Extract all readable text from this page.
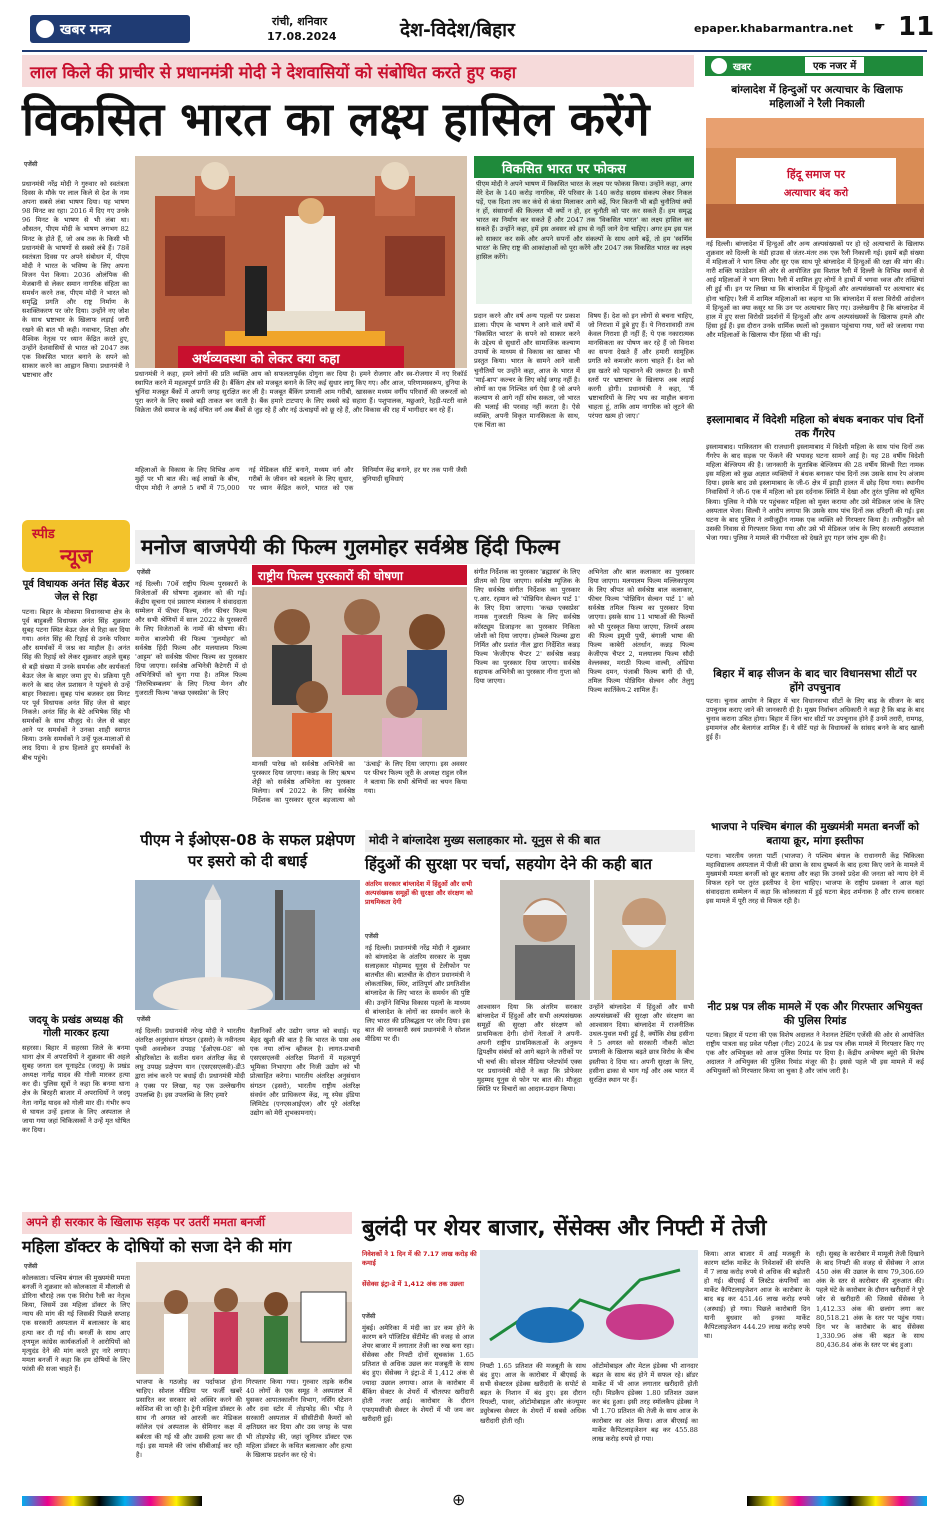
खबर मन्त्र
रांची, शनिवार
17.08.2024	देश-विदेश/बिहार	epaper.khabarmantra.net ☛ 11
लाल किले की प्राचीर से प्रधानमंत्री मोदी ने देशवासियों को संबोधित करते हुए कहा
विकसित भारत का लक्ष्य हासिल करेंगे
एजेंसी
प्रधानमंत्री नरेंद्र मोदी ने गुरुवार को स्वतंत्रता दिवस के मौके पर लाल किले से देश के नाम अपना सबसे लंबा भाषण दिया। यह भाषण 98 मिनट का रहा। 2016 में दिए गए उनके 96 मिनट के भाषण से भी लंबा था। औसतन, पीएम मोदी के भाषण लगभग 82 मिनट के होते हैं, जो अब तक के किसी भी प्रधानमंत्री के भाषणों से सबसे लंबे हैं। 78वें स्वतंत्रता दिवस पर अपने संबोधन में, पीएम मोदी ने भारत के भविष्य के लिए अपना विजन पेश किया। 2036 ओलंपिक की मेजबानी से लेकर समान नागरिक संहिता का समर्थन करने तक, पीएम मोदी ने भारत को समृद्धि प्रगति और राष्ट्र निर्माण के सशक्तिकरण पर जोर दिया। उन्होंने नए जोश के साथ भ्रष्टाचार के खिलाफ लड़ाई जारी रखने की बात भी कही। नवाचार, शिक्षा और वैश्विक नेतृत्व पर ध्यान केंद्रित करते हुए, उन्होंने देशवासियों से भारत को 2047 तक एक विकसित भारत बनाने के सपने को साकार करने का आह्वान किया। प्रधानमंत्री ने भ्रष्टाचार और
विकसित भारत पर फोकस
पीएम मोदी ने अपने भाषण में विकसित भारत के लक्ष्य पर फोकस किया। उन्होंने कहा, अगर मेरे देश के 140 करोड़ नागरिक, मेरे परिवार के 140 करोड़ सदस्य संकल्प लेकर निकल पड़ें, एक दिशा तय कर कंधे से कंधा मिलाकर आगे बढ़ें, फिर कितनी भी बड़ी चुनौतियां क्यों न हों, संसाधनों की किल्लत भी क्यों न हो, हर चुनौती को पार कर सकते हैं। हम समृद्ध भारत का निर्माण कर सकते हैं और 2047 तक 'विकसित भारत' का लक्ष्य हासिल कर सकते हैं। उन्होंने कहा, हमें इस अवसर को हाथ से नहीं जाने देना चाहिए। अगर हम इस पल को साकार कर सकें और अपने सपनों और संकल्पों के साथ आगे बढ़ें, तो हम 'स्वर्णिम भारत' के लिए राष्ट्र की आकांक्षाओं को पूरा करेंगे और 2047 तक विकसित भारत का लक्ष्य हासिल करेंगे।
प्रदान करने और वर्ष अन्य पहलों पर प्रकाश डाला। पीएम के भाषण ने आने वाले वर्षों में 'विकसित भारत' के सपने को साकार करने के उद्देश्य से सुधारों और सामाजिक कल्याण उपायों के माध्यम से विकास का खाका भी प्रस्तुत किया। भारत के सामने आने वाली चुनौतियों पर उन्होंने कहा, आज के भारत में 'माई-बाप' कल्चर के लिए कोई जगह नहीं है। लोगों का एक निश्चित वर्ग ऐसा है जो अपने कल्याण से आगे नहीं सोच सकता, जो भारत की भलाई की परवाह नहीं करता है। ऐसे व्यक्ति, अपनी विकृत मानसिकता के साथ, एक चिंता का
विषय हैं। देश को इन लोगों से बचना चाहिए, जो निराशा में डूबे हुए हैं। ये निराशावादी तत्व केवल निराशा ही नहीं हैं; ये एक नकारात्मक मानसिकता का पोषण कर रहे हैं जो विनाश का सपना देखते हैं और हमारी सामूहिक प्रगति को कमजोर करना चाहते हैं। देश को इस खतरे को पहचानने की जरूरत है। सभी स्तरों पर भ्रष्टाचार के खिलाफ अब लड़ाई करनी होगी। प्रधानमंत्री ने कहा, 'मैं भ्रष्टाचारियों के लिए भय का माहौल बनाना चाहता हूं, ताकि आम नागरिक को लूटने की परंपरा खत्म हो जाए।'
अर्थव्यवस्था को लेकर क्या कहा
प्रधानमंत्री ने कहा, हमने लोगों की प्रति व्यक्ति आय को सफलतापूर्वक दोगुना कर दिया है। हमने रोजगार और स्व-रोजगार में नए रिकॉर्ड स्थापित करने में महत्वपूर्ण प्रगति की है। बैंकिंग क्षेत्र को मजबूत बनाने के लिए कई सुधार लागू किए गए। और आज, परिणामस्वरूप, दुनिया के चुनिंदा मजबूत बैंकों में अपनी जगह सुरक्षित कर ली है। मजबूत बैंकिंग प्रणाली आम गरीबी, खासकर मध्यम वर्गीय परिवारों की जरूरतों को पूरा करने के लिए सबसे बड़ी ताकत बन जाती है। बैंक हमारे टाटपाए के लिए सबसे बड़े सहारा हैं। पशुपालक, मछुआरे, रेहड़ी-पटरी वाले विक्रेता जैसे समाज के कई वंचित वर्ग अब बैंकों से जुड़ रहे हैं और नई ऊंचाइयों को छू रहे हैं, और विकास की राह में भागीदार बन रहे हैं।
महिलाओं के विकास के लिए विभिन्न अन्य मुद्दों पर भी बात की। कई लाखों के बीच, पीएम मोदी ने अगले 5 वर्षों में 75,000 नई मेडिकल सीटें बनाने, मध्यम वर्ग और गरीबों के जीवन को बदलने के लिए सुधार, पर ध्यान केंद्रित करने, भारत को एक विनिर्माण केंद्र बनाने, हर घर तक पानी जैसी बुनियादी सुविधाएं
खबर	एक नजर में
बांग्लादेश में हिन्दुओं पर अत्याचार के खिलाफ महिलाओं ने रैली निकाली
हिंदू समाज पर
अत्याचार बंद करो
नई दिल्ली। बांग्लादेश में हिन्दुओं और अन्य अल्पसंख्यकों पर हो रहे अत्याचारों के खिलाफ शुक्रवार को दिल्ली के मंडी हाउस से जंतर-मंतर तक एक रैली निकाली गई। इसमें बड़ी संख्या में महिलाओं ने भाग लिया और सुर एक साथ पूरे बांग्लादेश में हिन्दुओं की रक्षा की मांग की। नारी शक्ति फाउंडेशन की ओर से आयोजित इस विशाल रैली में दिल्ली के विभिन्न स्थानों से आई महिलाओं ने भाग लिया। रैली में शामिल हुए लोगों ने हाथों में भगवा ध्वज और तख्तियां ली हुई थीं। इन पर लिखा था कि बांग्लादेश में हिन्दुओं और अल्पसंख्यकों पर अत्याचार बंद होना चाहिए। रैली में शामिल महिलाओं का कहना था कि बांग्लादेश में सत्ता विरोधी आंदोलन में हिन्दुओं का क्या कसूर था कि उन पर अत्याचार किए गए। उल्लेखनीय है कि बांग्लादेश में हाल में हुए सत्ता विरोधी प्रदर्शनों में हिन्दुओं और अन्य अल्पसंख्यकों के खिलाफ हमले और हिंसा हुई हैं। इस दौरान उनके धार्मिक स्थलों को नुकसान पहुंचाया गया, घरों को जलाया गया और महिलाओं के खिलाफ यौन हिंसा भी की गई।
इस्लामाबाद में विदेशी महिला को बंधक बनाकर पांच दिनों तक गैंगरेप
इस्लामाबाद। पाकिस्तान की राजधानी इस्लामाबाद में विदेशी महिला के साथ पांच दिनों तक गैंगरेप के बाद सड़क पर फेंकने की भयावह घटना सामने आई है। यह 28 वर्षीय विदेशी महिला बेल्जियम की है। जानकारी के मुताबिक बेल्जियम की 28 वर्षीय सिल्वी रिटा नामक इस महिला को कुछ अज्ञात व्यक्तियों ने बंधक बनाकर पांच दिनों तक उसके साथ रेप अंजाम दिया। इसके बाद उसे इस्लामाबाद के जी-6 क्षेत्र में झाड़ी हालत में छोड़ दिया गया। स्थानीय निवासियों ने जी-6 एक में महिला को इस दर्दनाक स्थिति में देखा और तुरंत पुलिस को सूचित किया। पुलिस ने मौके पर पहुंचकर महिला को मुक्त कराया और उसे मेडिकल जांच के लिए अस्पताल भेजा। सिल्वी ने आरोप लगाया कि उसके साथ पांच दिनों तक दरिंदगी की गई। इस घटना के बाद पुलिस ने तमीजुद्दीन नामक एक व्यक्ति को गिरफ्तार किया है। तमीजुद्दीन को उसकी निवास से गिरफ्तार किया गया और उसे भी मेडिकल जांच के लिए सरकारी अस्पताल भेजा गया। पुलिस ने मामले की गंभीरता को देखते हुए गहन जांच शुरू की है।
बिहार में बाढ़ सीजन के बाद चार विधानसभा सीटों पर होंगे उपचुनाव
पटना। चुनाव आयोग ने बिहार में चार विधानसभा सीटों के लिए बाढ़ के सीजन के बाद उपचुनाव कराए जाने की जानकारी दी है। मुख्य निर्वाचन अधिकारी ने कहा है कि बाढ़ के बाद चुनाव कराना उचित होगा। बिहार में जिन चार सीटों पर उपचुनाव होने हैं उनमें तरारी, रामगढ़, इमामगंज और बेलागंज शामिल हैं। ये सीटें यहां के विधायकों के सांसद बनने के बाद खाली हुई हैं।
भाजपा ने पश्चिम बंगाल की मुख्यमंत्री ममता बनर्जी को बताया क्रूर, मांगा इस्तीफा
पटना। भारतीय जनता पार्टी (भाजपा) ने पश्चिम बंगाल के राधानगरी केंद्र चिकित्सा महाविद्यालय अस्पताल में पीजी की छात्रा के साथ दुष्कर्म के बाद हत्या किए जाने के मामले में मुख्यमंत्री ममता बनर्जी को क्रूर बताया और कहा कि उनको प्रदेश की जनता को न्याय देने में विफल रहने पर तुरंत इस्तीफा दे देना चाहिए। भाजपा के राष्ट्रीय प्रवक्ता ने आज यहां संवाददाता सम्मेलन में कहा कि कोलकाता में हुई घटना बेहद शर्मनाक है और राज्य सरकार इस मामले में पूरी तरह से विफल रही है।
नीट प्रश्न पत्र लीक मामले में एक और गिरफ्तार अभियुक्त की पुलिस रिमांड
पटना। बिहार में पटना की एक विशेष अदालत ने नेशनल टेस्टिंग एजेंसी की ओर से आयोजित राष्ट्रीय पात्रता सह प्रवेश परीक्षा (नीट) 2024 के प्रश्न पत्र लीक मामले में गिरफ्तार किए गए एक और अभियुक्त को आज पुलिस रिमांड पर दिया है। केंद्रीय अन्वेषण ब्यूरो की विशेष अदालत ने अभियुक्त की पुलिस रिमांड मंजूर की है। इससे पहले भी इस मामले में कई अभियुक्तों को गिरफ्तार किया जा चुका है और जांच जारी है।
स्पीड
न्यूज
पूर्व विधायक अनंत सिंह बेऊर जेल से रिहा
पटना। बिहार के मोकामा विधानसभा क्षेत्र के पूर्व बाहुबली विधायक अनंत सिंह शुक्रवार सुबह पटना स्थित बेऊर जेल से रिहा कर दिया गया। अनंत सिंह की रिहाई से उनके परिवार और समर्थकों में जश्न का माहौल है। अनंत सिंह की रिहाई को लेकर शुक्रवार अहले सुबह से बड़ी संख्या में उनके समर्थक और कार्यकर्ता बेऊर जेल के बाहर जमा हुए थे। प्रक्रिया पूरी करने के बाद जेल प्रशासन ने पहुंचने से उन्हें बाहर निकाला। सुबह पांच बजकर दस मिनट पर पूर्व विधायक अनंत सिंह जेल से बाहर निकले। अनंत सिंह के बेटे अभिषेक सिंह भी समर्थकों के साथ मौजूद थे। जेल से बाहर आने पर समर्थकों ने उनका शाही स्वागत किया। उनके समर्थकों ने उन्हें फूल-मालाओं से लाद दिया। वे हाथ हिलाते हुए समर्थकों के बीच पहुंचे।
जदयू के प्रखंड अध्यक्ष की गोली मारकर हत्या
सहरसा। बिहार में सहरसा जिले के बनमा थाना क्षेत्र में अपराधियों ने शुक्रवार की अहले सुबह जनता दल यूनाइटेड (जदयू) के प्रखंड अध्यक्ष नागेंद्र यादव की गोली मारकर हत्या कर दी। पुलिस सूत्रों ने कहा कि बनमा थाना क्षेत्र के बिरहरी बाजार में अपराधियों ने जदयू नेता नागेंद्र यादव को गोली मार दी। गंभीर रूप से घायल उन्हें इलाज के लिए अस्पताल ले जाया गया जहां चिकित्सकों ने उन्हें मृत घोषित कर दिया।
मनोज बाजपेयी की फिल्म गुलमोहर सर्वश्रेष्ठ हिंदी फिल्म
एजेंसी
नई दिल्ली। 70वें राष्ट्रीय फिल्म पुरस्कारों के विजेताओं की घोषणा शुक्रवार को की गई। केंद्रीय सूचना एवं प्रसारण मंत्रालय ने संवाददाता सम्मेलन में फीचर फिल्म, नॉन फीचर फिल्म और सभी श्रेणियों में साल 2022 के पुरस्कारों के लिए विजेताओं के नामों की घोषणा की। मनोज बाजपेयी की फिल्म 'गुलमोहर' को सर्वश्रेष्ठ हिंदी फिल्म और मलयालम फिल्म 'आट्टम' को सर्वश्रेष्ठ फीचर फिल्म का पुरस्कार दिया जाएगा। सर्वश्रेष्ठ अभिनेत्री कैटेगरी में दो अभिनेत्रियों को चुना गया है। तमिल फिल्म 'तिरुचित्रम्बलम' के लिए नित्या मेनन और गुजराती फिल्म 'कच्छ एक्सप्रेस' के लिए
राष्ट्रीय फिल्म पुरस्कारों की घोषणा
मानसी पारेख को सर्वश्रेष्ठ अभिनेत्री का पुरस्कार दिया जाएगा। कन्नड़ के लिए ऋषभ शेट्टी को सर्वश्रेष्ठ अभिनेता का पुरस्कार मिलेगा। वर्ष 2022 के लिए सर्वश्रेष्ठ निर्देशक का पुरस्कार सूरज बड़जात्या को 'ऊंचाई' के लिए दिया जाएगा। इस अवसर पर फीचर फिल्म जूरी के अध्यक्ष राहुल रवैल ने बताया कि सभी श्रेणियों का चयन किया गया।
संगीत निर्देशक का पुरस्कार 'ब्रह्मास्त्र' के लिए प्रीतम को दिया जाएगा। सर्वश्रेष्ठ म्यूजिक के लिए सर्वश्रेष्ठ संगीत निर्देशक का पुरस्कार ए.आर. रहमान को 'पोन्नियिन सेल्वन पार्ट 1' के लिए दिया जाएगा। 'कच्छ एक्सप्रेस' नामक गुजराती फिल्म के लिए सर्वश्रेष्ठ कॉस्ट्यूम डिजाइनर का पुरस्कार निकिता जोशी को दिया जाएगा। होम्बले फिल्म्स द्वारा निर्मित और प्रशांत नील द्वारा निर्देशित कन्नड़ फिल्म 'केजीएफ चैप्टर 2' सर्वश्रेष्ठ कन्नड़ फिल्म का पुरस्कार दिया जाएगा। सर्वश्रेष्ठ सहायक अभिनेत्री का पुरस्कार नीना गुप्ता को दिया जाएगा।
अभिनेता और बाल कलाकार का पुरस्कार दिया जाएगा। मलयालम फिल्म मल्लिकापुरम के लिए श्रीपत को सर्वश्रेष्ठ बाल कलाकार, फीचर फिल्म 'पोन्नियिन सेल्वन पार्ट 1' को सर्वश्रेष्ठ तमिल फिल्म का पुरस्कार दिया जाएगा। इसके साथ 11 भाषाओं की फिल्मों को भी पुरस्कृत किया जाएगा, जिनमें असम की फिल्म इमुथी पुथी, बंगाली भाषा की फिल्म काबेरी अंतर्धान, कन्नड़ फिल्म केजीएफ चैप्टर 2, मलयालम फिल्म सौदी वेल्लक्का, मराठी फिल्म वाल्वी, ओडिया फिल्म दमन, पंजाबी फिल्म बागी दी धी, तमिल फिल्म पोन्नियिन सेल्वन और तेलुगु फिल्म कार्तिकेय-2 शामिल हैं।
पीएम ने ईओएस-08 के सफल प्रक्षेपण पर इसरो को दी बधाई
एजेंसी
नई दिल्ली। प्रधानमंत्री नरेन्द्र मोदी ने भारतीय अंतरिक्ष अनुसंधान संगठन (इसरो) के नवीनतम पृथ्वी अवलोकन उपग्रह 'ईओएस-08' को श्रीहरिकोटा के सतीश धवन अंतरिक्ष केंद्र से लघु उपग्रह प्रक्षेपण यान (एसएसएलवी)-डी3 द्वारा लांच करने पर बधाई दी। प्रधानमंत्री मोदी ने एक्स पर लिखा, यह एक उल्लेखनीय उपलब्धि है। इस उपलब्धि के लिए हमारे
वैज्ञानिकों और उद्योग जगत को बधाई। यह बेहद खुशी की बात है कि भारत के पास अब एक नया लॉन्च व्हीकल है। लागत-प्रभावी एसएसएलवी अंतरिक्ष मिशनों में महत्वपूर्ण भूमिका निभाएगा और निजी उद्योग को भी प्रोत्साहित करेगा। भारतीय अंतरिक्ष अनुसंधान संगठन (इसरो), भारतीय राष्ट्रीय अंतरिक्ष संवर्धन और प्राधिकरण केंद्र, न्यू स्पेस इंडिया लिमिटेड (एनएसआईएल) और पूरे अंतरिक्ष उद्योग को मेरी शुभकामनाएं।
मोदी ने बांग्लादेश मुख्य सलाहकार मो. यूनुस से की बात
हिंदुओं की सुरक्षा पर चर्चा, सहयोग देने की कही बात
अंतरिम सरकार बांग्लादेश में हिंदुओं और सभी अल्पसंख्यक समूहों की सुरक्षा और संरक्षण को प्राथमिकता देगी
एजेंसी
नई दिल्ली। प्रधानमंत्री नरेंद्र मोदी ने शुक्रवार को बांग्लादेश के अंतरिम सरकार के मुख्य सलाहकार मोहम्मद यूनुस से टेलीफोन पर बातचीत की। बातचीत के दौरान प्रधानमंत्री ने लोकतांत्रिक, स्थिर, शांतिपूर्ण और प्रगतिशील बांग्लादेश के लिए भारत के समर्थन की पुष्टि की। उन्होंने विभिन्न विकास पहलों के माध्यम से बांग्लादेश के लोगों का समर्थन करने के लिए भारत की प्रतिबद्धता पर जोर दिया। इस बात की जानकारी स्वयं प्रधानमंत्री ने सोशल मीडिया पर दी।
आश्वासन दिया कि अंतरिम सरकार बांग्लादेश में हिंदुओं और सभी अल्पसंख्यक समूहों की सुरक्षा और संरक्षण को प्राथमिकता देगी। दोनों नेताओं ने अपनी-अपनी राष्ट्रीय प्राथमिकताओं के अनुरूप द्विपक्षीय संबंधों को आगे बढ़ाने के तरीकों पर भी चर्चा की। सोशल मीडिया प्लेटफॉर्म एक्स पर प्रधानमंत्री मोदी ने कहा कि प्रोफेसर मुहम्मद यूनुस से फोन पर बात की। मौजूदा स्थिति पर विचारों का आदान-प्रदान किया।
उन्होंने बांग्लादेश में हिंदुओं और सभी अल्पसंख्यकों की सुरक्षा और संरक्षण का आश्वासन दिया। बांग्लादेश में राजनीतिक उथल-पुथल मची हुई है, क्योंकि शेख हसीना ने 5 अगस्त को सरकारी नौकरी कोटा प्रणाली के खिलाफ बढ़ते छात्र विरोध के बीच इस्तीफा दे दिया था। अपनी सुरक्षा के लिए, हसीना ढाका से भाग गईं और अब भारत में सुरक्षित स्थान पर हैं।
अपने ही सरकार के खिलाफ सड़क पर उतरीं ममता बनर्जी
महिला डॉक्टर के दोषियों को सजा देने की मांग
एजेंसी
कोलकाता। पश्चिम बंगाल की मुख्यमंत्री ममता बनर्जी ने शुक्रवार को कोलकाता में मौलाली से डोरिना चौराहे तक एक विरोध रैली का नेतृत्व किया, जिसमें उस महिला डॉक्टर के लिए न्याय की मांग की गई जिसकी पिछले सप्ताह एक सरकारी अस्पताल में बलात्कार के बाद हत्या कर दी गई थी। बनर्जी के साथ आए तृणमूल कांग्रेस कार्यकर्ताओं ने आरोपियों को मृत्युदंड देने की मांग करते हुए नारे लगाए। ममता बनर्जी ने कहा कि हम दोषियों के लिए फांसी की सजा चाहते हैं।
भाजपा के गठजोड़ का पर्दाफाश होना चाहिए। सोशल मीडिया पर फर्जी खबरें प्रसारित कर सरकार को अस्थिर करने की कोशिश की जा रही है। ट्रेनी महिला डॉक्टर के साथ नौ अगस्त को आरजी कर मेडिकल कॉलेज एवं अस्पताल के सेमिनार कक्ष में बर्बरता की गई थी और उसकी हत्या कर दी गई। इस मामले की जांच सीबीआई कर रही है।
गिरफ्तार किया गया। गुरुवार तड़के करीब 40 लोगों के एक समूह ने अस्पताल में घुसकर आपातकालीन विभाग, नर्सिंग स्टेशन और दवा स्टोर में तोड़फोड़ की। भीड़ ने सरकारी अस्पताल में सीसीटीवी कैमरों को क्षतिग्रस्त कर दिया और उस जगह के पास भी तोड़फोड़ की, जहां जूनियर डॉक्टर एक महिला डॉक्टर के कथित बलात्कार और हत्या के खिलाफ प्रदर्शन कर रहे थे।
बुलंदी पर शेयर बाजार, सेंसेक्स और निफ्टी में तेजी
निवेशकों ने 1 दिन में की 7.17 लाख करोड़ की कमाई
सेंसेक्स इंट्रा-डे में 1,412 अंक तक उछला
एजेंसी
मुंबई। अमेरिका में मंदी का डर कम होने के कारण बने पॉजिटिव सेंटीमेंट की वजह से आज शेयर बाजार में लगातार तेजी का रुख बना रहा। सेंसेक्स और निफ्टी दोनों सूचकांक 1.65 प्रतिशत से अधिक उछल कर मजबूती के साथ बंद हुए। सेंसेक्स ने इंट्रा-डे में 1,412 अंक से ज्यादा उछाल लगाया। आज के कारोबार में बैंकिंग सेक्टर के शेयरों में चौतरफा खरीदारी होती नजर आई। कारोबार के दौरान एफएमसीजी सेक्टर के शेयरों में भी जम कर खरीदारी हुई।
निफ्टी 1.65 प्रतिशत की मजबूती के साथ बंद हुए। आज के कारोबार में बीएसई के सभी सेक्टरल इंडेक्स खरीदारी के सपोर्ट से बढ़त के निशान में बंद हुए। इस दौरान रियल्टी, पावर, ऑटोमोबाइल और कंज्यूमर ड्युरेबल्स सेक्टर के शेयरों में सबसे अधिक खरीदारी होती रही।
ऑटोमोबाइल और मेटल इंडेक्स भी शानदार बढ़त के साथ बंद होने में सफल रहे। ब्रॉडर मार्केट में भी आज लगातार खरीदारी होती रही। मिडकैप इंडेक्स 1.80 प्रतिशत उछल कर बंद हुआ। इसी तरह स्मॉलकैप इंडेक्स ने भी 1.70 प्रतिशत की तेजी के साथ आज के कारोबार का अंत किया। आज बीएसई का मार्केट कैपिटलाइजेशन बढ़ कर 455.88 लाख करोड़ रुपये हो गया।
किया। आज बाजार में आई मजबूती के कारण स्टॉक मार्केट के निवेशकों की संपत्ति में 7 लाख करोड़ रुपये से अधिक की बढ़ोतरी हो गई। बीएसई में लिस्टेड कंपनियों का मार्केट कैपिटलाइजेशन आज के कारोबार के बाद बढ़ कर 451.46 लाख करोड़ रुपये (अस्थाई) हो गया। पिछले कारोबारी दिन यानी बुधवार को इनका मार्केट कैपिटलाइजेशन 444.29 लाख करोड़ रुपये था।
रही। सुबह के कारोबार में मामूली तेजी दिखाने के बाद निफ्टी की वजह से सेंसेक्स ने आज 450 अंक की उछाल के साथ 79,306.69 अंक के स्तर से कारोबार की शुरुआत की। पहले घंटे के कारोबार के दौरान खरीदारों ने पूरे जोर से खरीदारी की जिससे सेंसेक्स ने 1,412.33 अंक की छलांग लगा कर 80,518.21 अंक के स्तर पर पहुंच गया। दिन भर के कारोबार के बाद सेंसेक्स 1,330.96 अंक की बढ़त के साथ 80,436.84 अंक के स्तर पर बंद हुआ।
⊕
